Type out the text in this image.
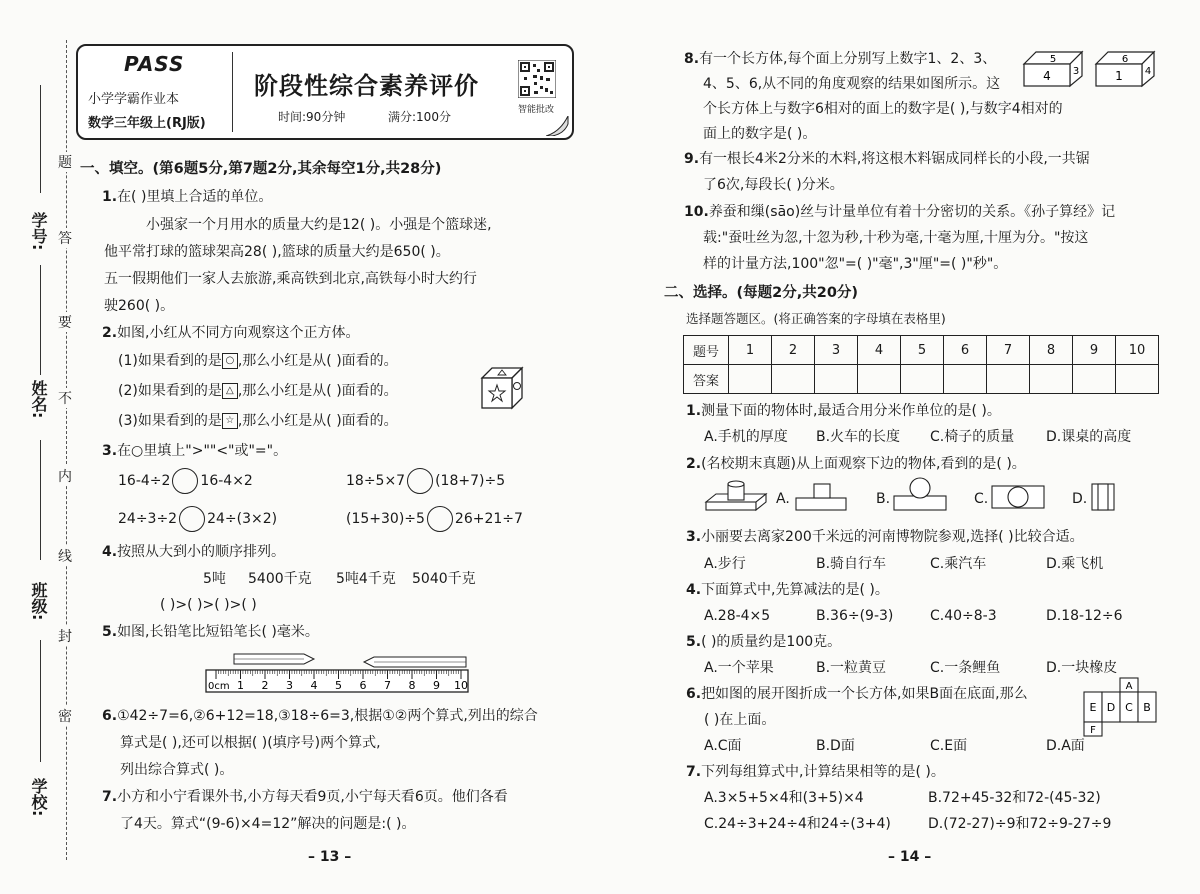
学号:
姓名:
班级:
学校:
题
答
要
不
内
线
封
密
PASS
小学学霸作业本
数学三年级上(RJ版)
阶段性综合素养评价
时间:90分钟	满分:100分	智能批改
一、填空。(第6题5分,第7题2分,其余每空1分,共28分)
1.在( )里填上合适的单位。
小强家一个月用水的质量大约是12( )。小强是个篮球迷,
他平常打球的篮球架高28( ),篮球的质量大约是650( )。
五一假期他们一家人去旅游,乘高铁到北京,高铁每小时大约行
驶260( )。
2.如图,小红从不同方向观察这个正方体。
(1)如果看到的是 ○ ,那么小红是从( )面看的。
(2)如果看到的是 △ ,那么小红是从( )面看的。
(3)如果看到的是 ☆ ,那么小红是从( )面看的。
3.在○里填上">""<"或"="。
16-4÷2 16-4×2	18÷5×7 (18+7)÷5
24÷3÷2 24÷(3×2)	(15+30)÷5 26+21÷7
4.按照从大到小的顺序排列。
5吨 5400千克 5吨4千克 5040千克
( )>( )>( )>( )
5.如图,长铅笔比短铅笔长( )毫米。
0cm 1 2 3 4 5 6 7 8 9 10
6.①42÷7=6,②6+12=18,③18÷6=3,根据①②两个算式,列出的综合
算式是( ),还可以根据( )(填序号)两个算式,
列出综合算式( )。
7.小方和小宁看课外书,小方每天看9页,小宁每天看6页。他们各看
了4天。算式“(9-6)×4=12”解决的问题是:( )。
– 13 –
8.有一个长方体,每个面上分别写上数字1、2、3、
4、5、6,从不同的角度观察的结果如图所示。这
个长方体上与数字6相对的面上的数字是( ),与数字4相对的
面上的数字是( )。
5
4 3
6
1 4
9.有一根长4米2分米的木料,将这根木料锯成同样长的小段,一共锯
了6次,每段长( )分米。
10.养蚕和缫(sāo)丝与计量单位有着十分密切的关系。《孙子算经》记
载:"蚕吐丝为忽,十忽为秒,十秒为毫,十毫为厘,十厘为分。"按这
样的计量方法,100"忽"=( )"毫",3"厘"=( )"秒"。
二、选择。(每题2分,共20分)
选择题答题区。(将正确答案的字母填在表格里)
题号	1	2	3	4	5	6	7	8	9	10
答案										
1.测量下面的物体时,最适合用分米作单位的是( )。
A.手机的厚度 B.火车的长度 C.椅子的质量 D.课桌的高度
2.(名校期末真题)从上面观察下边的物体,看到的是( )。
A.	B.	C.	D.
3.小丽要去离家200千米远的河南博物院参观,选择( )比较合适。
A.步行	B.骑自行车	C.乘汽车	D.乘飞机
4.下面算式中,先算减法的是( )。
A.28-4×5	B.36÷(9-3)	C.40÷8-3	D.18-12÷6
5.( )的质量约是100克。
A.一个苹果	B.一粒黄豆	C.一条鲤鱼	D.一块橡皮
6.把如图的展开图折成一个长方体,如果B面在底面,那么
( )在上面。
A
E D C B
F
A.C面	B.D面	C.E面	D.A面
7.下列每组算式中,计算结果相等的是( )。
A.3×5+5×4和(3+5)×4	B.72+45-32和72-(45-32)
C.24÷3+24÷4和24÷(3+4)	D.(72-27)÷9和72÷9-27÷9
– 14 –
